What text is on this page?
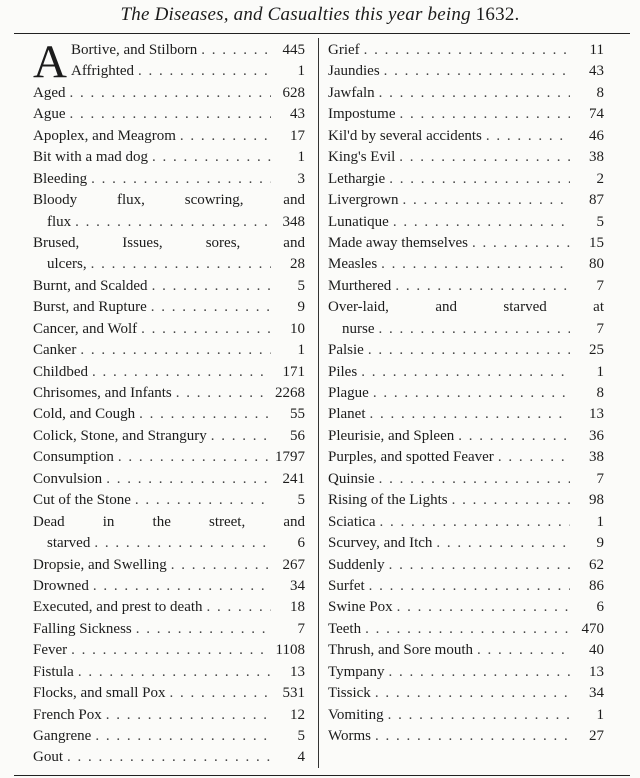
The Diseases, and Casualties this year being 1632.
A Bortive, and Stilborn . . .	445
Affrighted . . .	1
Aged . . .	628
Ague . . .	43
Apoplex, and Meagrom . . .	17
Bit with a mad dog . . .	1
Bleeding . . .	3
Bloody	flux,	scowring,	and
flux . . .	348
Brused,	Issues,	sores,	and
ulcers, . . .	28
Burnt, and Scalded . . .	5
Burst, and Rupture . . .	9
Cancer, and Wolf . . .	10
Canker . . .	1
Childbed . . .	171
Chrisomes, and Infants . . .	2268
Cold, and Cough . . .	55
Colick, Stone, and Strangury . . .	56
Consumption . . .	1797
Convulsion . . .	241
Cut of the Stone . . .	5
Dead	in	the	street,	and
starved . . .	6
Dropsie, and Swelling . . .	267
Drowned . . .	34
Executed, and prest to death . . .	18
Falling Sickness . . .	7
Fever . . .	1108
Fistula . . .	13
Flocks, and small Pox . . .	531
French Pox . . .	12
Gangrene . . .	5
Gout . . .	4
Grief . . .	11
Jaundies . . .	43
Jawfaln . . .	8
Impostume . . .	74
Kil'd by several accidents . . .	46
King's Evil . . .	38
Lethargie . . .	2
Livergrown . . .	87
Lunatique . . .	5
Made away themselves . . .	15
Measles . . .	80
Murthered . . .	7
Over-laid,	and	starved	at
nurse . . .	7
Palsie . . .	25
Piles . . .	1
Plague . . .	8
Planet . . .	13
Pleurisie, and Spleen . . .	36
Purples, and spotted Feaver . . .	38
Quinsie . . .	7
Rising of the Lights . . .	98
Sciatica . . .	1
Scurvey, and Itch . . .	9
Suddenly . . .	62
Surfet . . .	86
Swine Pox . . .	6
Teeth . . .	470
Thrush, and Sore mouth . . .	40
Tympany . . .	13
Tissick . . .	34
Vomiting . . .	1
Worms . . .	27
